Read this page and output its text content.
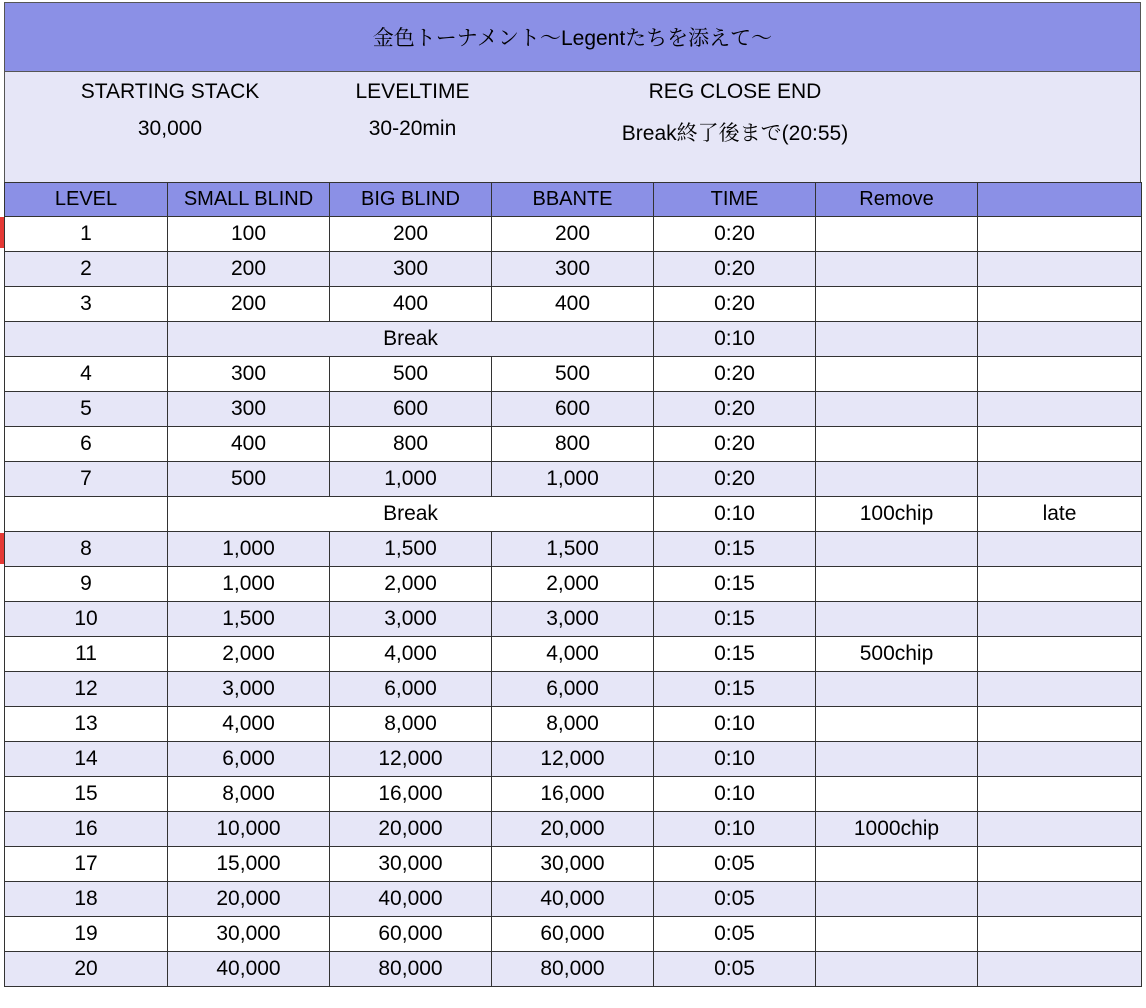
金色トーナメント〜Legentたちを添えて〜
STARTING STACK
30,000
LEVELTIME
30-20min
REG CLOSE END
Break終了後まで(20:55)
LEVEL	SMALL BLIND	BIG BLIND	BBANTE	TIME	Remove	
1	100	200	200	0:20		
2	200	300	300	0:20		
3	200	400	400	0:20		
	Break			0:10		
4	300	500	500	0:20		
5	300	600	600	0:20		
6	400	800	800	0:20		
7	500	1,000	1,000	0:20		
	Break			0:10	100chip	late
8	1,000	1,500	1,500	0:15		
9	1,000	2,000	2,000	0:15		
10	1,500	3,000	3,000	0:15		
11	2,000	4,000	4,000	0:15	500chip	
12	3,000	6,000	6,000	0:15		
13	4,000	8,000	8,000	0:10		
14	6,000	12,000	12,000	0:10		
15	8,000	16,000	16,000	0:10		
16	10,000	20,000	20,000	0:10	1000chip	
17	15,000	30,000	30,000	0:05		
18	20,000	40,000	40,000	0:05		
19	30,000	60,000	60,000	0:05		
20	40,000	80,000	80,000	0:05		
